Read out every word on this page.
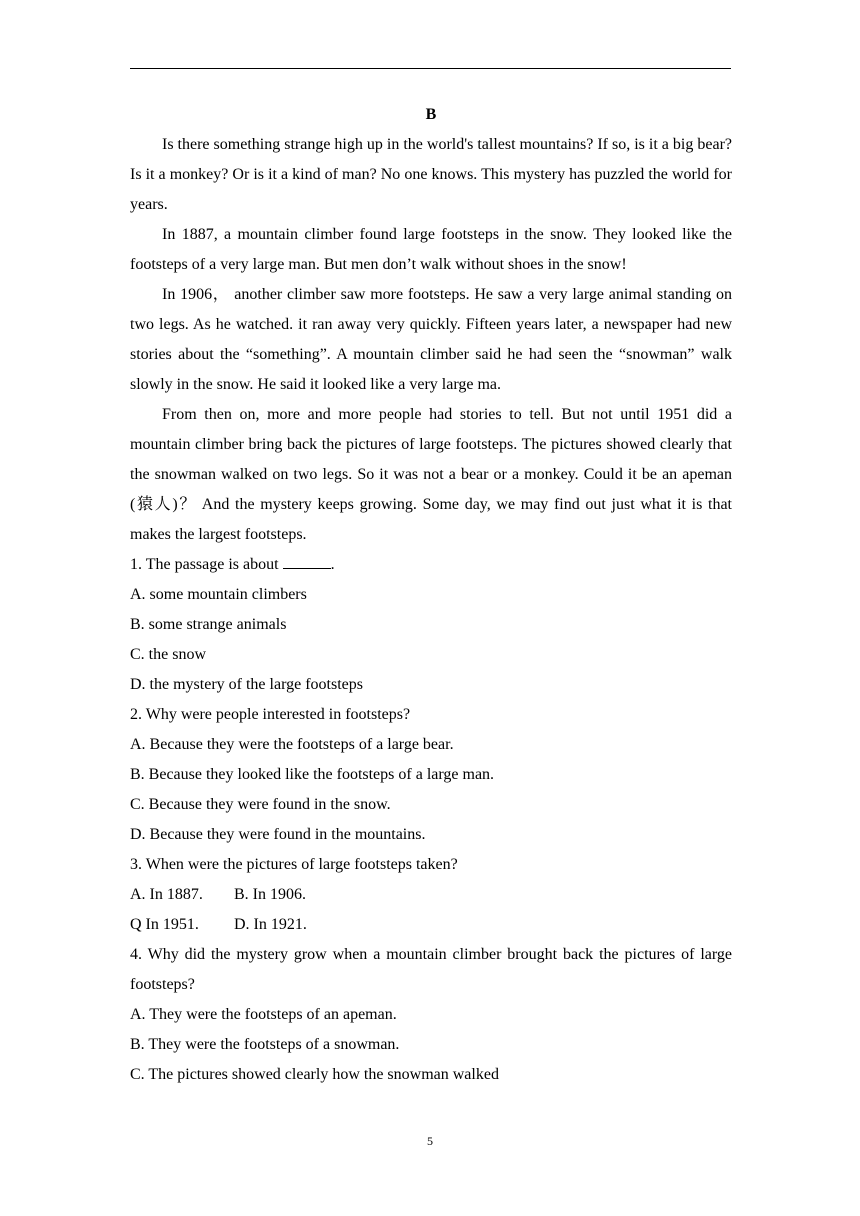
B

Is there something strange high up in the world's tallest mountains? If so, is it a big bear? Is it a monkey? Or is it a kind of man? No one knows. This mystery has puzzled the world for years.

In 1887, a mountain climber found large footsteps in the snow. They looked like the footsteps of a very large man. But men don’t walk without shoes in the snow!

In 1906， another climber saw more footsteps. He saw a very large animal standing on two legs. As he watched. it ran away very quickly. Fifteen years later, a newspaper had new stories about the “something”. A mountain climber said he had seen the “snowman” walk slowly in the snow. He said it looked like a very large ma.

From then on, more and more people had stories to tell. But not until 1951 did a mountain climber bring back the pictures of large footsteps. The pictures showed clearly that the snowman walked on two legs. So it was not a bear or a monkey. Could it be an apeman (猿人)？ And the mystery keeps growing. Some day, we may find out just what it is that makes the largest footsteps.

1. The passage is about	.

A. some mountain climbers

B. some strange animals

C. the snow

D. the mystery of the large footsteps

2. Why were people interested in footsteps?

A. Because they were the footsteps of a large bear.

B. Because they looked like the footsteps of a large man.

C. Because they were found in the snow.

D. Because they were found in the mountains.

3. When were the pictures of large footsteps taken?

A. In 1887. B. In 1906.

Q In 1951. D. In 1921.

4. Why did the mystery grow when a mountain climber brought back the pictures of large footsteps?

A. They were the footsteps of an apeman.

B. They were the footsteps of a snowman.

C. The pictures showed clearly how the snowman walked

5
